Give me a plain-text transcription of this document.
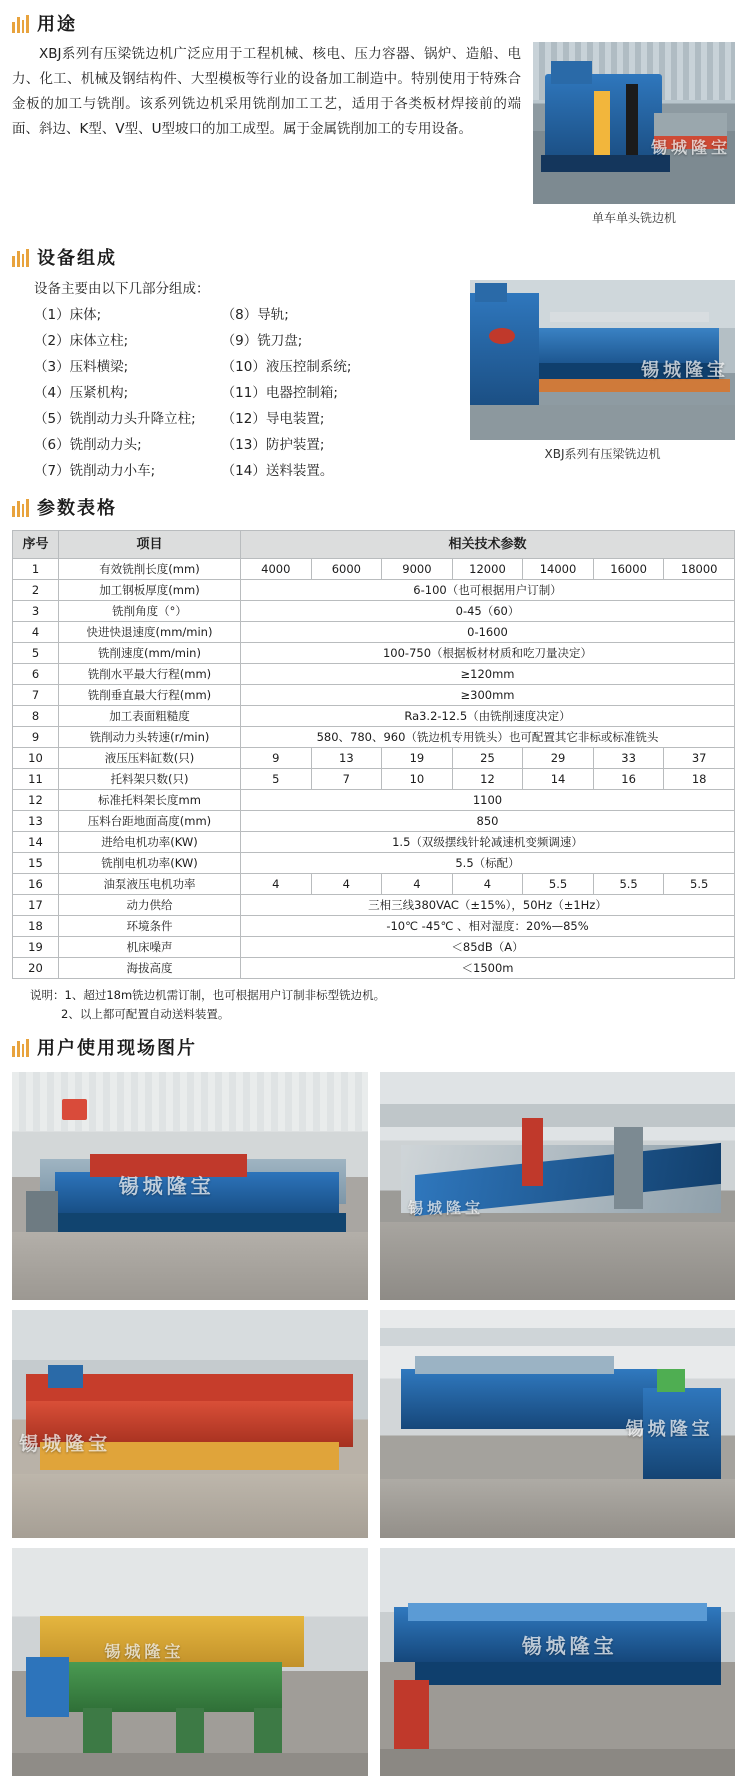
用途
锡城隆宝
单车单头铣边机
XBJ系列有压梁铣边机广泛应用于工程机械、核电、压力容器、锅炉、造船、电力、化工、机械及钢结构件、大型模板等行业的设备加工制造中。特别使用于特殊合金板的加工与铣削。该系列铣边机采用铣削加工工艺，适用于各类板材焊接前的端面、斜边、K型、V型、U型坡口的加工成型。属于金属铣削加工的专用设备。
设备组成
锡城隆宝
XBJ系列有压梁铣边机
设备主要由以下几部分组成：
（1）床体;
（2）床体立柱;
（3）压料横梁;
（4）压紧机构;
（5）铣削动力头升降立柱;
（6）铣削动力头;
（7）铣削动力小车;
（8）导轨;
（9）铣刀盘;
（10）液压控制系统;
（11）电器控制箱;
（12）导电装置;
（13）防护装置;
（14）送料装置。
参数表格
序号	项目	相关技术参数						
1	有效铣削长度(mm)	4000	6000	9000	12000	14000	16000	18000
2	加工钢板厚度(mm)	6-100（也可根据用户订制）						
3	铣削角度（°）	0-45（60）						
4	快进快退速度(mm/min)	0-1600						
5	铣削速度(mm/min)	100-750（根据板材材质和吃刀量决定）						
6	铣削水平最大行程(mm)	≥120mm						
7	铣削垂直最大行程(mm)	≥300mm						
8	加工表面粗糙度	Ra3.2-12.5（由铣削速度决定）						
9	铣削动力头转速(r/min)	580、780、960（铣边机专用铣头）也可配置其它非标或标准铣头						
10	液压压料缸数(只)	9	13	19	25	29	33	37
11	托料架只数(只)	5	7	10	12	14	16	18
12	标准托料架长度mm	1100						
13	压料台距地面高度(mm)	850						
14	进给电机功率(KW)	1.5（双级摆线针轮减速机变频调速）						
15	铣削电机功率(KW)	5.5（标配）						
16	油泵液压电机功率	4	4	4	4	5.5	5.5	5.5
17	动力供给	三相三线380VAC（±15%），50Hz（±1Hz）						
18	环境条件	-10℃ -45℃ 、相对湿度：20%—85%						
19	机床噪声	＜85dB（A）						
20	海拔高度	＜1500m						
说明：1、超过18m铣边机需订制，也可根据用户订制非标型铣边机。
2、以上都可配置自动送料装置。
用户使用现场图片
锡城隆宝
锡城隆宝
锡城隆宝
锡城隆宝
锡城隆宝	锡城隆宝
